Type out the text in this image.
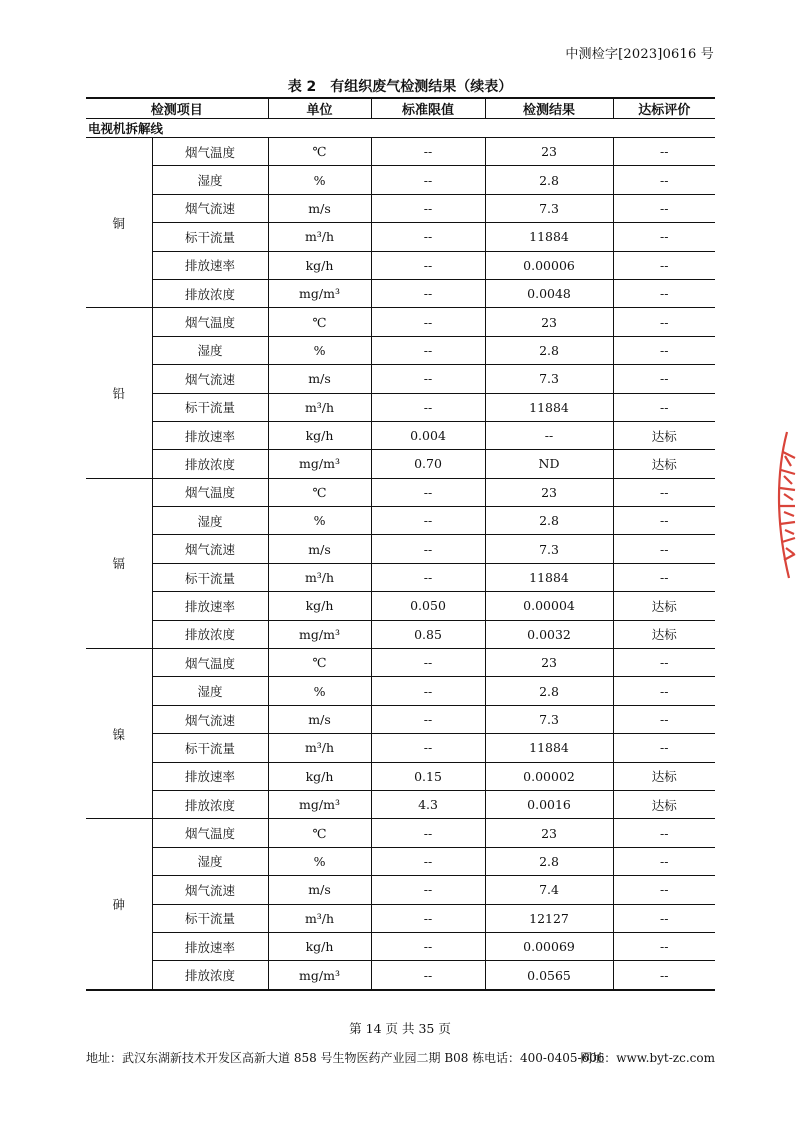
中测检字[2023]0616 号
表 2　有组织废气检测结果（续表）
检测项目		单位	标准限值	检测结果	达标评价
电视机拆解线					
铜	烟气温度	℃	--	23	--
	湿度	%	--	2.8	--
	烟气流速	m/s	--	7.3	--
	标干流量	m³/h	--	11884	--
	排放速率	kg/h	--	0.00006	--
	排放浓度	mg/m³	--	0.0048	--
铅	烟气温度	℃	--	23	--
	湿度	%	--	2.8	--
	烟气流速	m/s	--	7.3	--
	标干流量	m³/h	--	11884	--
	排放速率	kg/h	0.004	--	达标
	排放浓度	mg/m³	0.70	ND	达标
镉	烟气温度	℃	--	23	--
	湿度	%	--	2.8	--
	烟气流速	m/s	--	7.3	--
	标干流量	m³/h	--	11884	--
	排放速率	kg/h	0.050	0.00004	达标
	排放浓度	mg/m³	0.85	0.0032	达标
镍	烟气温度	℃	--	23	--
	湿度	%	--	2.8	--
	烟气流速	m/s	--	7.3	--
	标干流量	m³/h	--	11884	--
	排放速率	kg/h	0.15	0.00002	达标
	排放浓度	mg/m³	4.3	0.0016	达标
砷	烟气温度	℃	--	23	--
	湿度	%	--	2.8	--
	烟气流速	m/s	--	7.4	--
	标干流量	m³/h	--	12127	--
	排放速率	kg/h	--	0.00069	--
	排放浓度	mg/m³	--	0.0565	--
第 14 页 共 35 页
地址：武汉东湖新技术开发区高新大道 858 号生物医药产业园二期 B08 栋 电话：400-0405-606
网址：www.byt-zc.com
